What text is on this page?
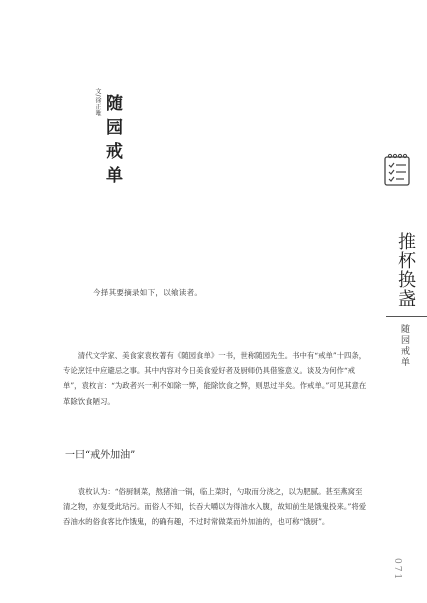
文/徐正唯 随园戒单
推杯换盏
随园戒单
今择其要摘录如下，以飨读者。

清代文学家、美食家袁枚著有《随园食单》一书，世称随园先生。书中有“戒单”十四条，专论烹饪中应避忌之事。其中内容对今日美食爱好者及厨师仍具借鉴意义。谈及为何作“戒单”，袁枚言：“为政者兴一利不如除一弊，能除饮食之弊，则思过半矣。作戒单。”可见其意在革除饮食陋习。

一曰“戒外加油”

袁枚认为：“俗厨制菜，熬猪油一锅，临上菜时，勺取而分浇之，以为肥腻。甚至燕窝至清之物，亦复受此玷污。而俗人不知，长吞大嚼以为得油水入腹，故知前生是饿鬼投来。”将爱吞油水的俗食客比作饿鬼，的确有趣，不过时常做菜而外加油的，也可称“饿厨”。

071
